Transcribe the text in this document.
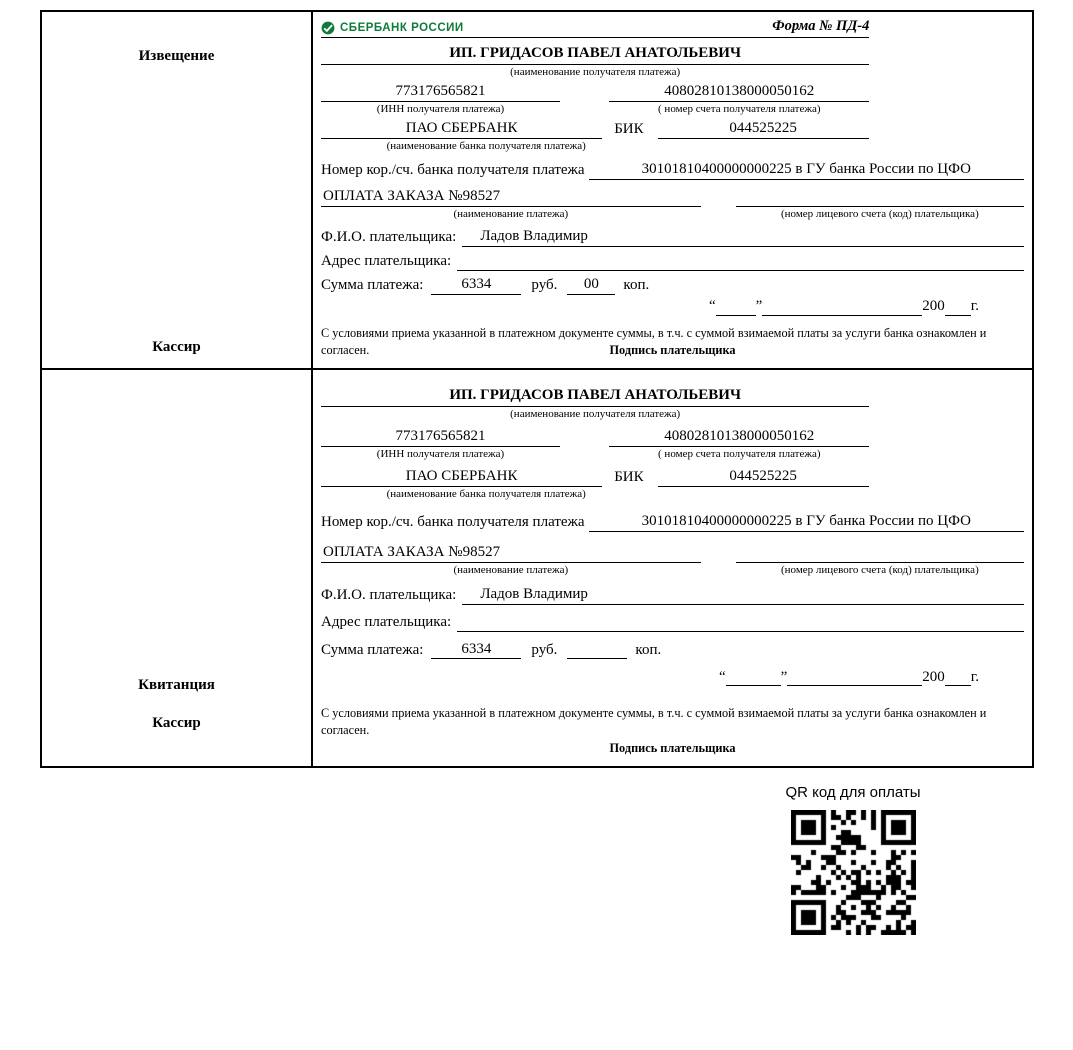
Извещение
Кассир
СБЕРБАНК РОССИИ	Форма № ПД-4
ИП. ГРИДАСОВ ПАВЕЛ АНАТОЛЬЕВИЧ
(наименование получателя платежа)
773176565821	40802810138000050162
(ИНН получателя платежа)	( номер счета получателя платежа)
ПАО СБЕРБАНК	БИК	044525225
(наименование банка получателя платежа)
Номер кор./сч. банка получателя платежа	30101810400000000225 в ГУ банка России по ЦФО
ОПЛАТА ЗАКАЗА №98527
(наименование платежа)	(номер лицевого счета (код) плательщика)
Ф.И.О. плательщика:	Ладов Владимир
Адрес плательщика:
Сумма платежа:	6334	руб.	00	коп.
“	”	200 г.
С условиями приема указанной в платежном документе суммы, в т.ч. с суммой взимаемой платы за услуги банка ознакомлен и согласен.	Подпись плательщика
Квитанция
Кассир
ИП. ГРИДАСОВ ПАВЕЛ АНАТОЛЬЕВИЧ
(наименование получателя платежа)
773176565821	40802810138000050162
(ИНН получателя платежа)	( номер счета получателя платежа)
ПАО СБЕРБАНК	БИК	044525225
(наименование банка получателя платежа)
Номер кор./сч. банка получателя платежа	30101810400000000225 в ГУ банка России по ЦФО
ОПЛАТА ЗАКАЗА №98527
(наименование платежа)	(номер лицевого счета (код) плательщика)
Ф.И.О. плательщика:	Ладов Владимир
Адрес плательщика:
Сумма платежа:	6334	руб.	коп.
“	”	200 г.
С условиями приема указанной в платежном документе суммы, в т.ч. с суммой взимаемой платы за услуги банка ознакомлен и согласен.
Подпись плательщика
QR код для оплаты
